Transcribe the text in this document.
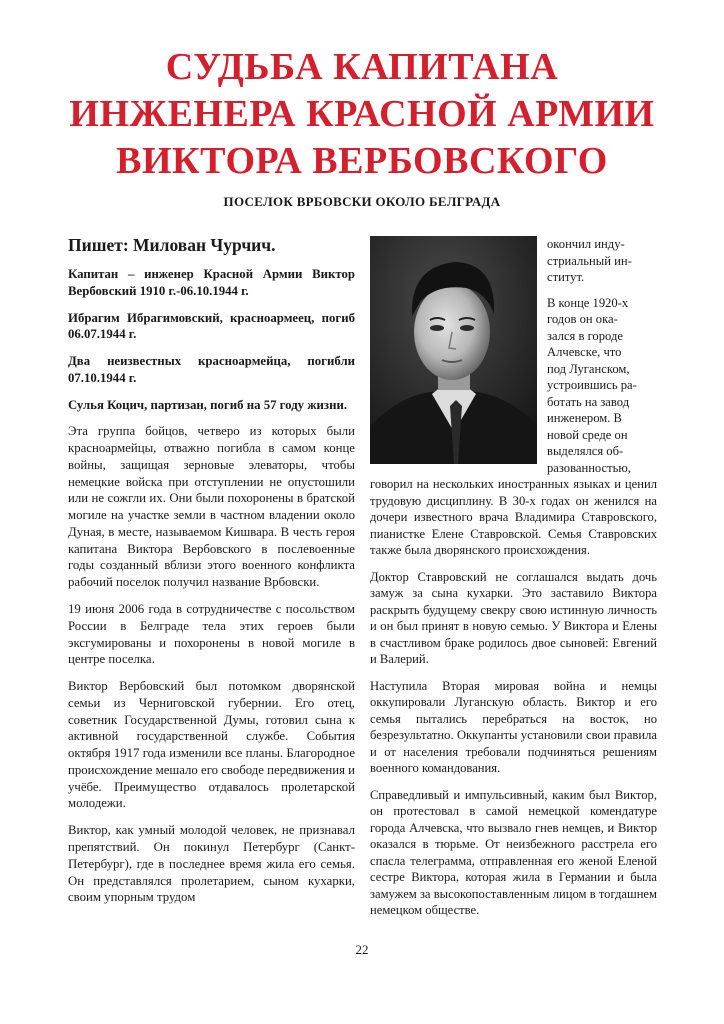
СУДЬБА КАПИТАНА
ИНЖЕНЕРА КРАСНОЙ АРМИИ
ВИКТОРА ВЕРБОВСКОГО

ПОСЕЛОК ВРБОВСКИ ОКОЛО БЕЛГРАДА

Пишет: Милован Чурчич.

Капитан – инженер Красной Армии Виктор Вербовский 1910 г.-06.10.1944 г.

Ибрагим Ибрагимовский, красноармеец, погиб 06.07.1944 г.

Два неизвестных красноармейца, погибли 07.10.1944 г.

Сулья Коцич, партизан, погиб на 57 году жизни.

Эта группа бойцов, четверо из которых были красноармейцы, отважно погибла в самом конце войны, защищая зерновые элеваторы, чтобы немецкие войска при отступлении не опустошили или не сожгли их. Они были похоронены в братской могиле на участке земли в частном владении около Дуная, в месте, называемом Кишвара. В честь героя капитана Виктора Вербовского в послевоенные годы созданный вблизи этого военного конфликта рабочий поселок получил название Врбовски.

19 июня 2006 года в сотрудничестве с посольством России в Белграде тела этих героев были эксгумированы и похоронены в новой могиле в центре поселка.

Виктор Вербовский был потомком дворянской семьи из Черниговской губернии. Его отец, советник Государственной Думы, готовил сына к активной государственной службе. События октября 1917 года изменили все планы. Благородное происхождение мешало его свободе передвижения и учёбе. Преимущество отдавалось пролетарской молодежи.

Виктор, как умный молодой человек, не признавал препятствий. Он покинул Петербург (Санкт-Петербург), где в последнее время жила его семья. Он представлялся пролетарием, сыном кухарки, своим упорным трудом

окончил инду-
стриальный ин-
ститут.
В конце 1920-х
годов он ока-
зался в городе
Алчевске, что
под Луганском,
устроившись ра-
ботать на завод
инженером. В
новой среде он
выделялся об-
разованностью,

говорил на нескольких иностранных языках и ценил трудовую дисциплину. В 30-х годах он женился на дочери известного врача Владимира Ставровского, пианистке Елене Ставровской. Семья Ставровских также была дворянского происхождения.

Доктор Ставровский не соглашался выдать дочь замуж за сына кухарки. Это заставило Виктора раскрыть будущему свекру свою истинную личность и он был принят в новую семью. У Виктора и Елены в счастливом браке родилось двое сыновей: Евгений и Валерий.

Наступила Вторая мировая война и немцы оккупировали Луганскую область. Виктор и его семья пытались перебраться на восток, но безрезультатно. Оккупанты установили свои правила и от населения требовали подчиняться решениям военного командования.

Справедливый и импульсивный, каким был Виктор, он протестовал в самой немецкой комендатуре города Алчевска, что вызвало гнев немцев, и Виктор оказался в тюрьме. От неизбежного расстрела его спасла телеграмма, отправленная его женой Еленой сестре Виктора, которая жила в Германии и была замужем за высокопоставленным лицом в тогдашнем немецком обществе.

22
